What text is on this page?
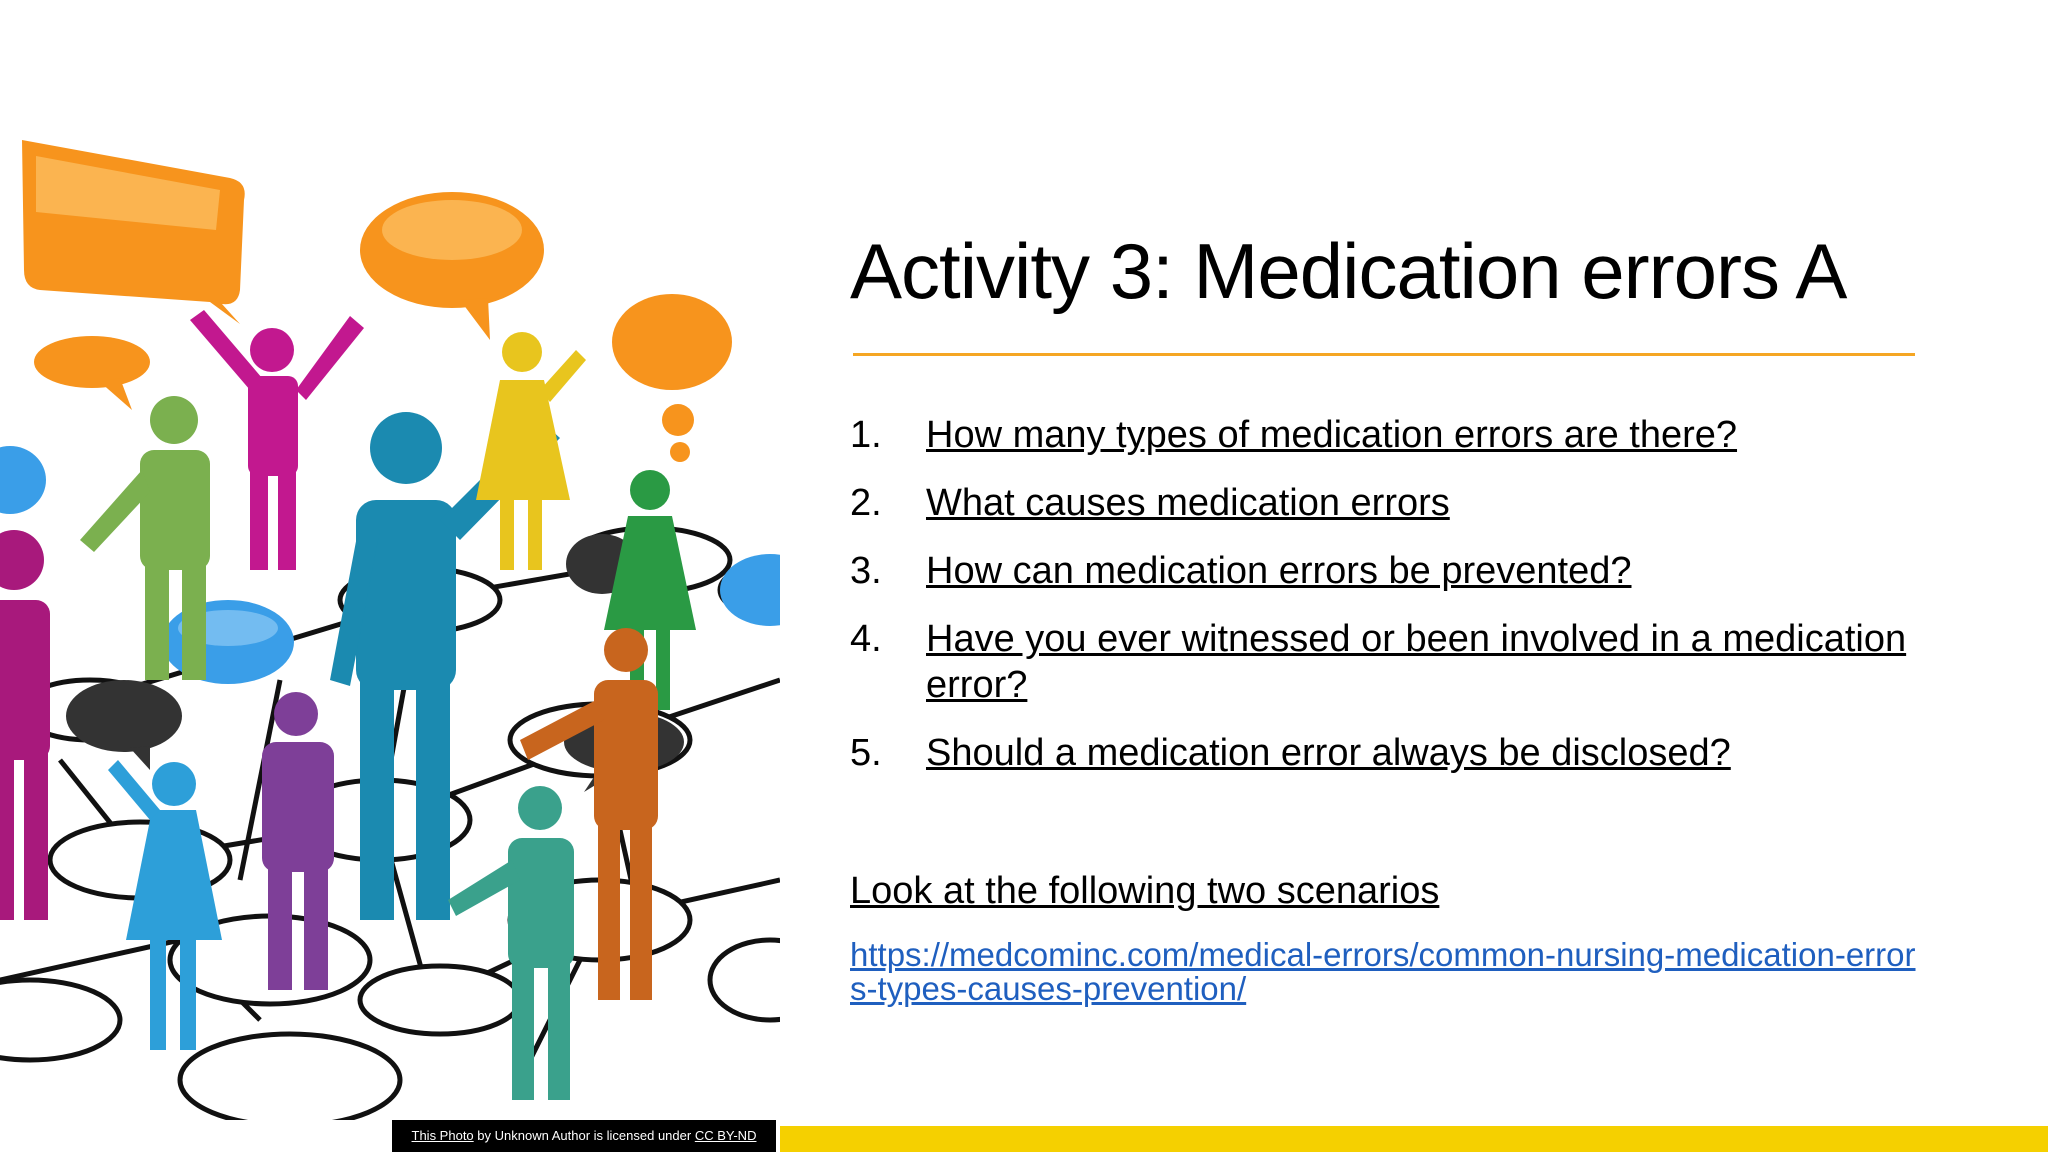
This Photo by Unknown Author is licensed under CC BY-ND
Activity 3: Medication errors A
1.	How many types of medication errors are there?
2.	What causes medication errors
3.	How can medication errors be prevented?
4.	Have you ever witnessed or been involved in a medication error?
5.	Should a medication error always be disclosed?
Look at the following two scenarios
https://medcominc.com/medical-errors/common-nursing-medication-errors-types-causes-prevention/
